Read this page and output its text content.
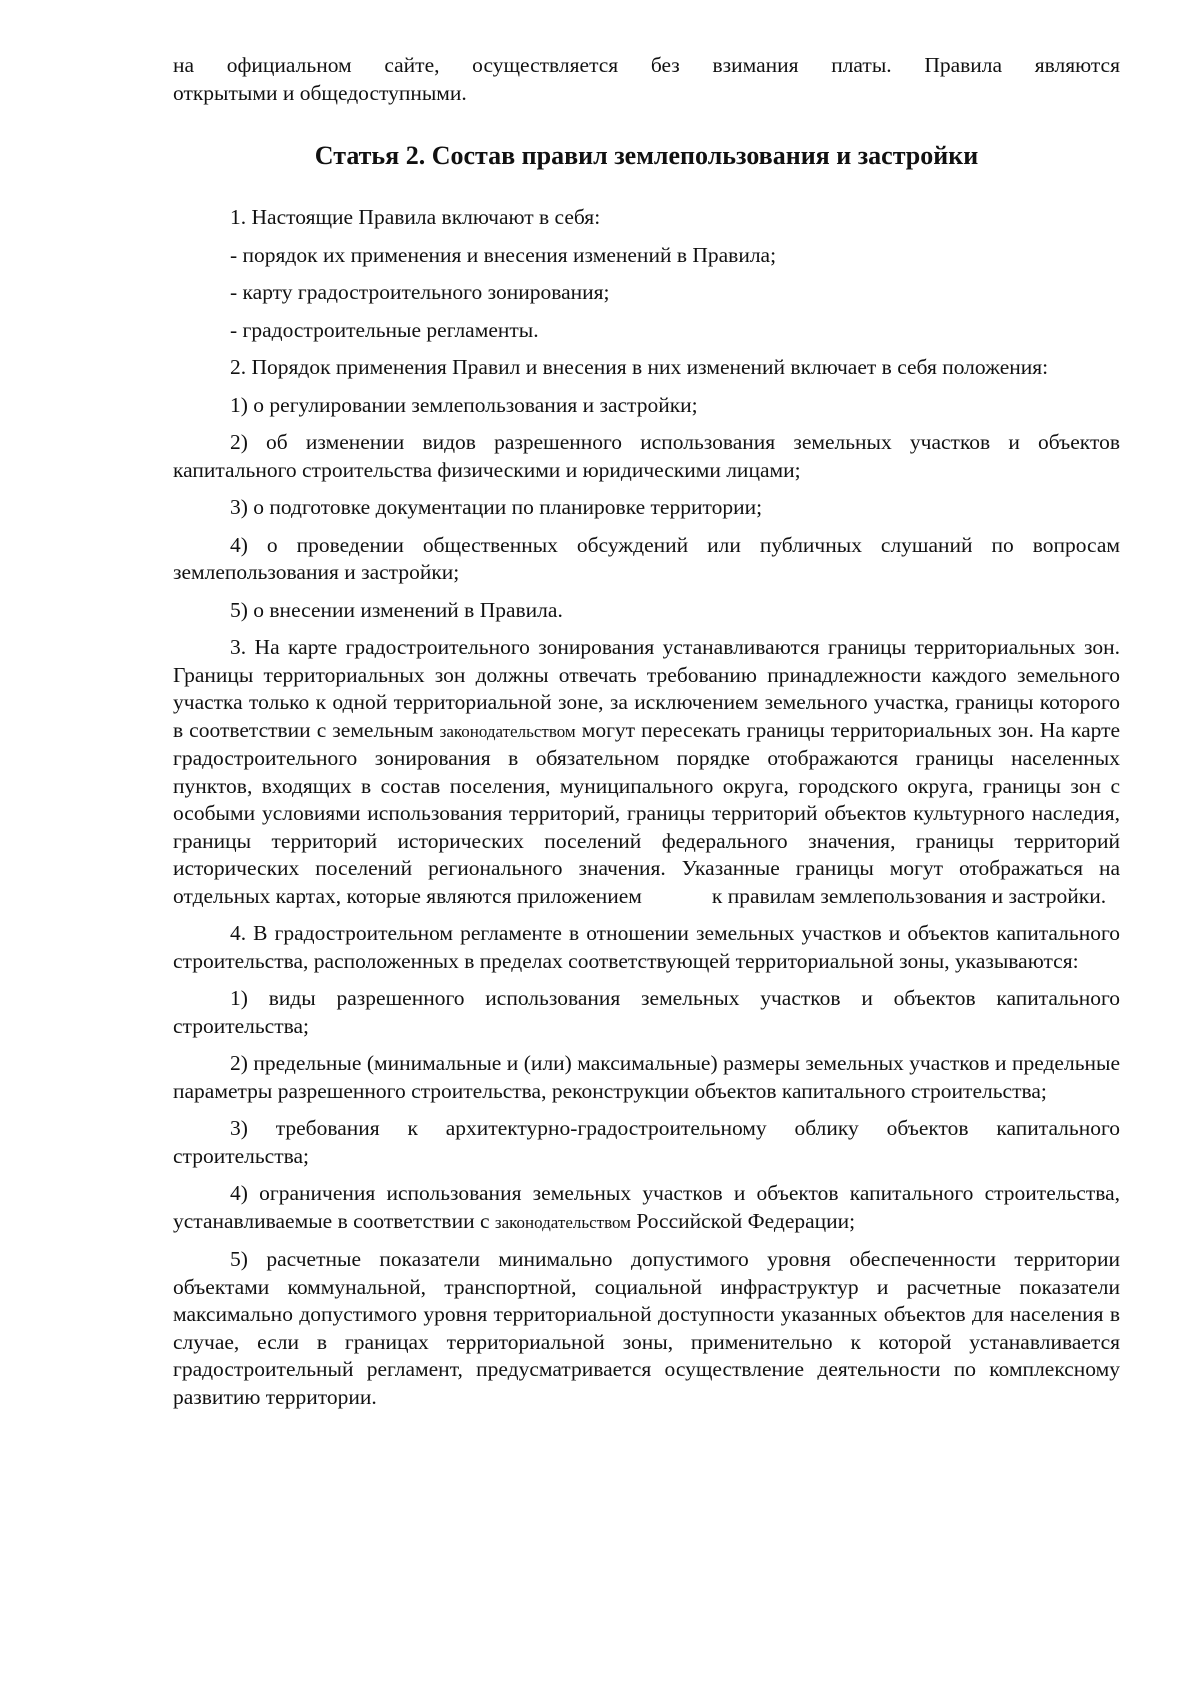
на официальном сайте, осуществляется без взимания платы. Правила являются

открытыми и общедоступными.

Статья 2. Состав правил землепользования и застройки

1. Настоящие Правила включают в себя:

- порядок их применения и внесения изменений в Правила;

- карту градостроительного зонирования;

- градостроительные регламенты.

2. Порядок применения Правил и внесения в них изменений включает в себя положения:

1) о регулировании землепользования и застройки;

2) об изменении видов разрешенного использования земельных участков и объектов капитального строительства физическими и юридическими лицами;

3) о подготовке документации по планировке территории;

4) о проведении общественных обсуждений или публичных слушаний по вопросам землепользования и застройки;

5) о внесении изменений в Правила.

3. На карте градостроительного зонирования устанавливаются границы территориальных зон. Границы территориальных зон должны отвечать требованию принадлежности каждого земельного участка только к одной территориальной зоне, за исключением земельного участка, границы которого в соответствии с земельным законодательством могут пересекать границы территориальных зон. На карте градостроительного зонирования в обязательном порядке отображаются границы населенных пунктов, входящих в состав поселения, муниципального округа, городского округа, границы зон с особыми условиями использования территорий, границы территорий объектов культурного наследия, границы территорий исторических поселений федерального значения, границы территорий исторических поселений регионального значения. Указанные границы могут отображаться на отдельных картах, которые являются приложением	к правилам землепользования и застройки.

4. В градостроительном регламенте в отношении земельных участков и объектов капитального строительства, расположенных в пределах соответствующей территориальной зоны, указываются:

1) виды разрешенного использования земельных участков и объектов капитального строительства;

2) предельные (минимальные и (или) максимальные) размеры земельных участков и предельные параметры разрешенного строительства, реконструкции объектов капитального строительства;

3) требования к архитектурно-градостроительному облику объектов капитального строительства;

4) ограничения использования земельных участков и объектов капитального строительства, устанавливаемые в соответствии с законодательством Российской Федерации;

5) расчетные показатели минимально допустимого уровня обеспеченности территории объектами коммунальной, транспортной, социальной инфраструктур и расчетные показатели максимально допустимого уровня территориальной доступности указанных объектов для населения в случае, если в границах территориальной зоны, применительно к которой устанавливается градостроительный регламент, предусматривается осуществление деятельности по комплексному развитию территории.
